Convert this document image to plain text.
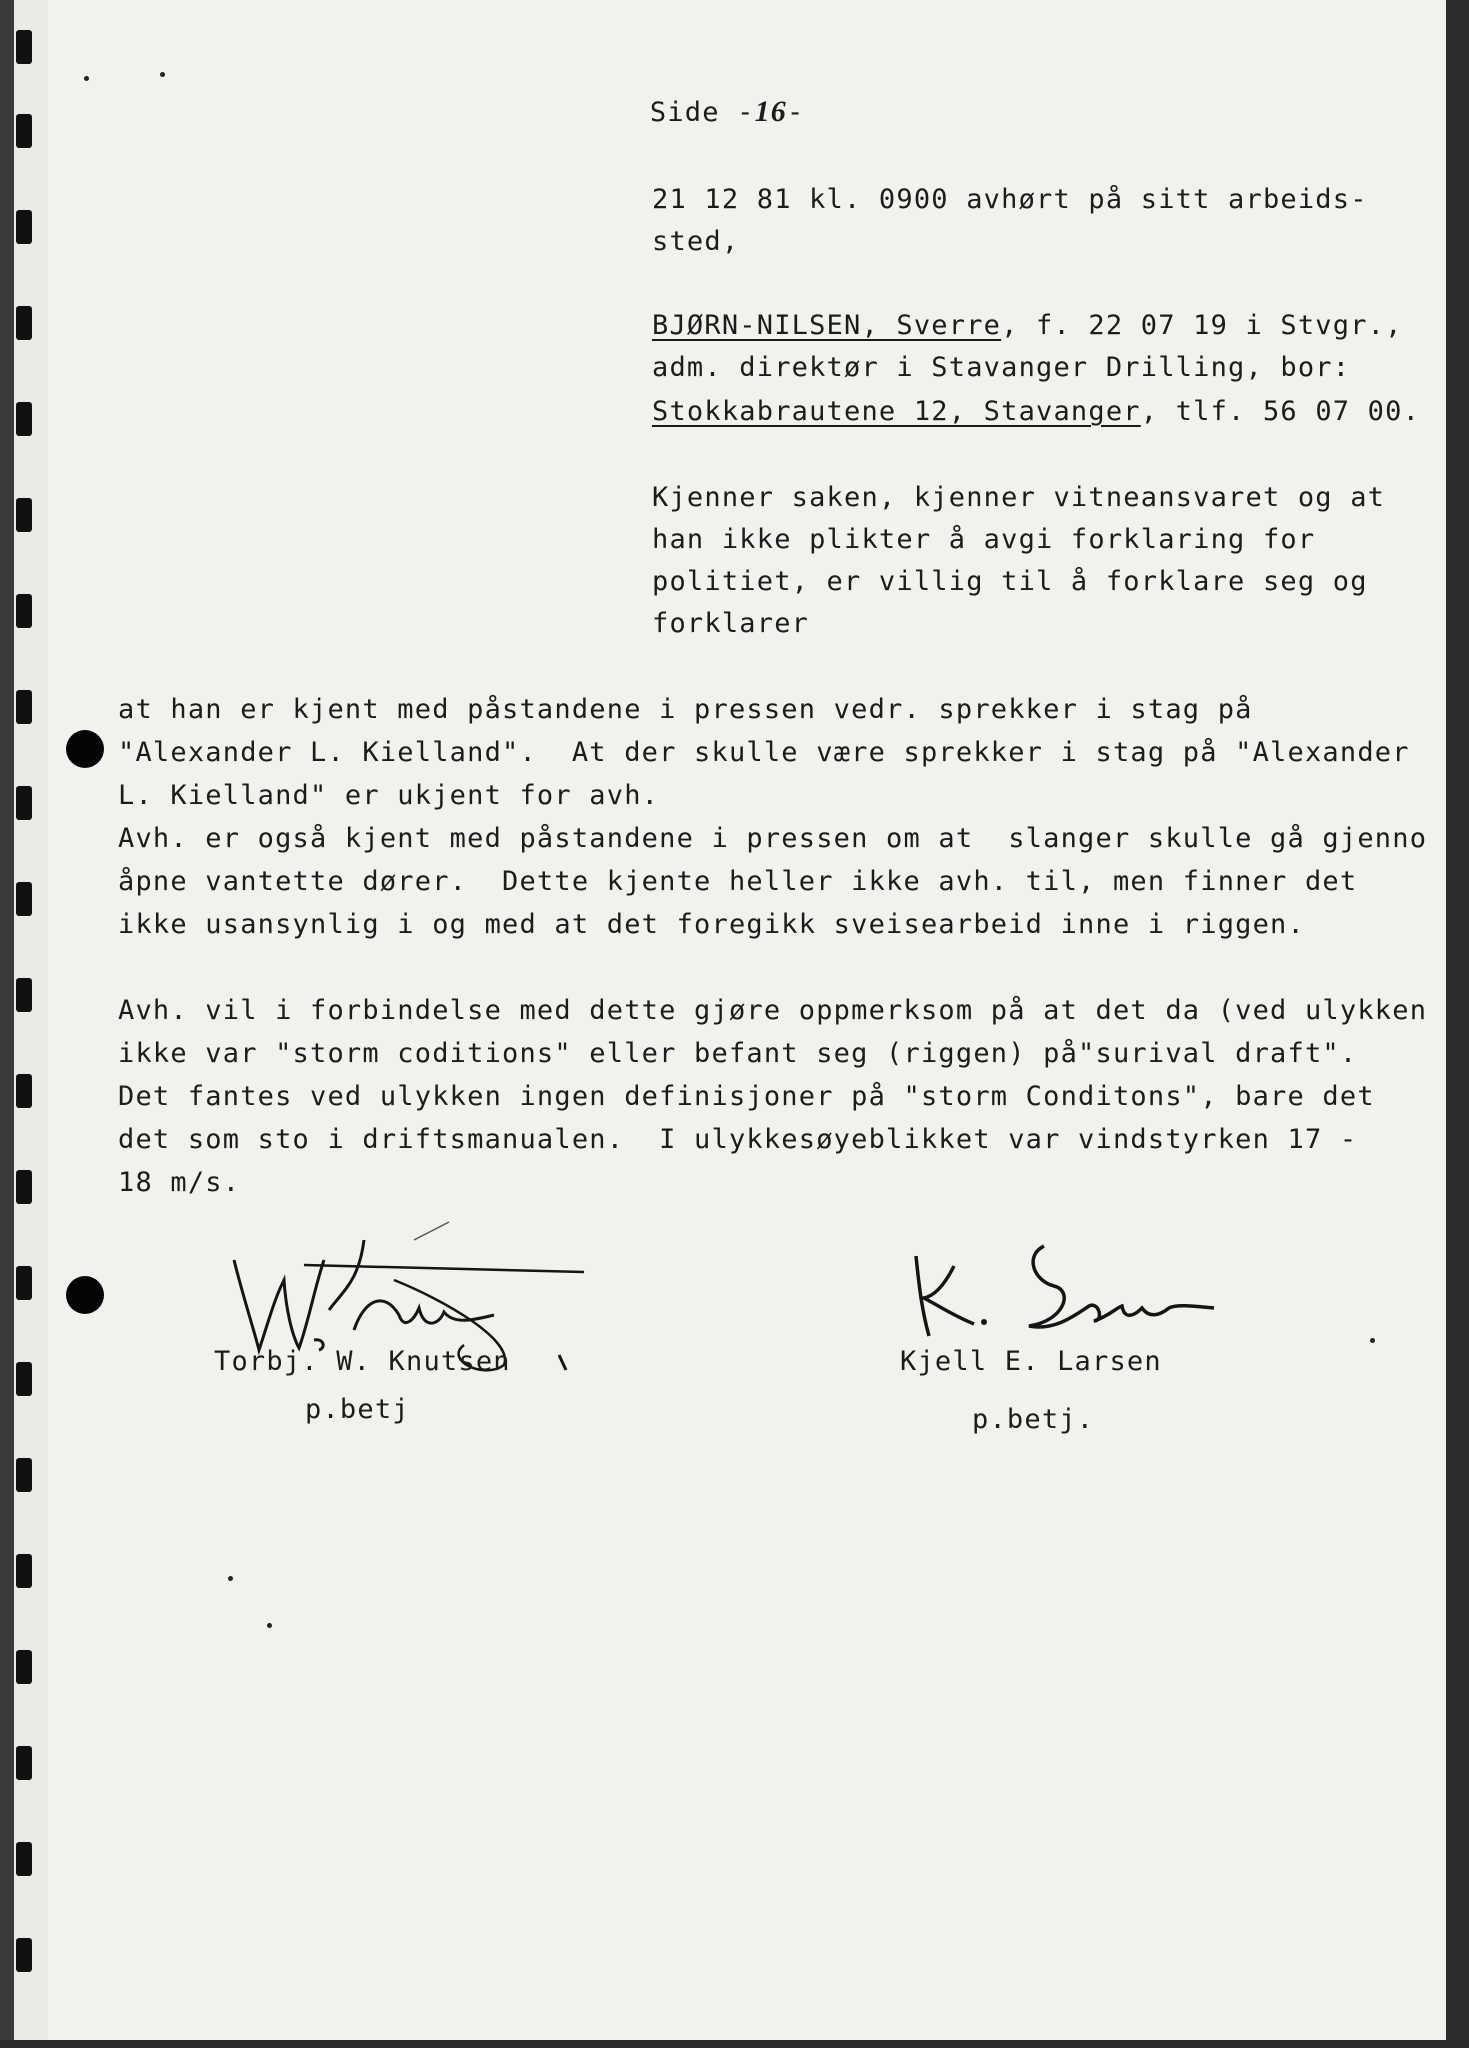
Side -16-

21 12 81 kl. 0900 avhørt på sitt arbeids-
sted,
BJØRN-NILSEN, Sverre, f. 22 07 19 i Stvgr.,
adm. direktør i Stavanger Drilling, bor:
Stokkabrautene 12, Stavanger, tlf. 56 07 00.
Kjenner saken, kjenner vitneansvaret og at
han ikke plikter å avgi forklaring for
politiet, er villig til å forklare seg og
forklarer
at han er kjent med påstandene i pressen vedr. sprekker i stag på
"Alexander L. Kielland".  At der skulle være sprekker i stag på "Alexander
L. Kielland" er ukjent for avh.
Avh. er også kjent med påstandene i pressen om at  slanger skulle gå gjenno
åpne vantette dører.  Dette kjente heller ikke avh. til, men finner det
ikke usansynlig i og med at det foregikk sveisearbeid inne i riggen.
Avh. vil i forbindelse med dette gjøre oppmerksom på at det da (ved ulykken
ikke var "storm coditions" eller befant seg (riggen) på"surival draft".
Det fantes ved ulykken ingen definisjoner på "storm Conditons", bare det
det som sto i driftsmanualen.  I ulykkesøyeblikket var vindstyrken 17 -
18 m/s.
Torbj. W. Knutsen
p.betj
Kjell E. Larsen
p.betj.
